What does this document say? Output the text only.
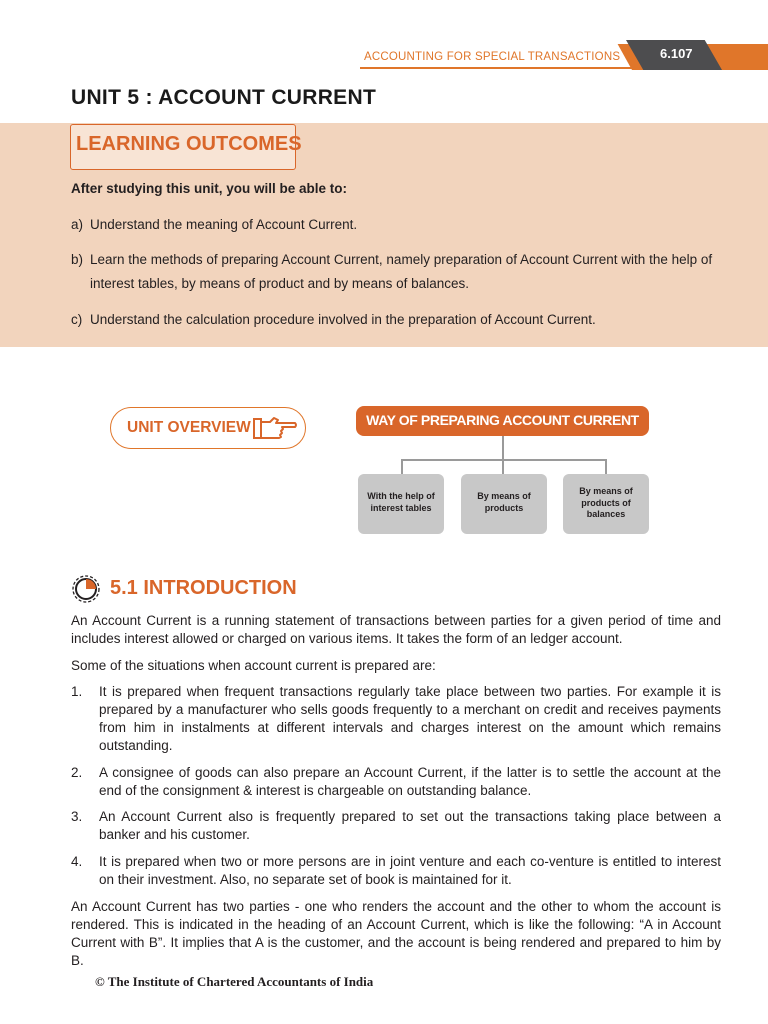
ACCOUNTING FOR SPECIAL TRANSACTIONS	6.107
UNIT 5 : ACCOUNT CURRENT
LEARNING OUTCOMES
After studying this unit, you will be able to:
a) Understand the meaning of Account Current.
b) Learn the methods of preparing Account Current, namely preparation of Account Current with the help of interest tables, by means of product and by means of balances.
c) Understand the calculation procedure involved in the preparation of Account Current.
UNIT OVERVIEW	WAY OF PREPARING ACCOUNT CURRENT
With the help of
interest tables
By means of
products
By means of
products of
balances
5.1 INTRODUCTION
An Account Current is a running statement of transactions between parties for a given period of time and includes interest allowed or charged on various items. It takes the form of an ledger account.
Some of the situations when account current is prepared are:
1.	It is prepared when frequent transactions regularly take place between two parties. For example it is prepared by a manufacturer who sells goods frequently to a merchant on credit and receives payments from him in instalments at different intervals and charges interest on the amount which remains outstanding.
2.	A consignee of goods can also prepare an Account Current, if the latter is to settle the account at the end of the consignment & interest is chargeable on outstanding balance.
3.	An Account Current also is frequently prepared to set out the transactions taking place between a banker and his customer.
4.	It is prepared when two or more persons are in joint venture and each co-venture is entitled to interest on their investment. Also, no separate set of book is maintained for it.
An Account Current has two parties - one who renders the account and the other to whom the account is rendered. This is indicated in the heading of an Account Current, which is like the following: “A in Account Current with B”. It implies that A is the customer, and the account is being rendered and prepared to him by B.
© The Institute of Chartered Accountants of India
